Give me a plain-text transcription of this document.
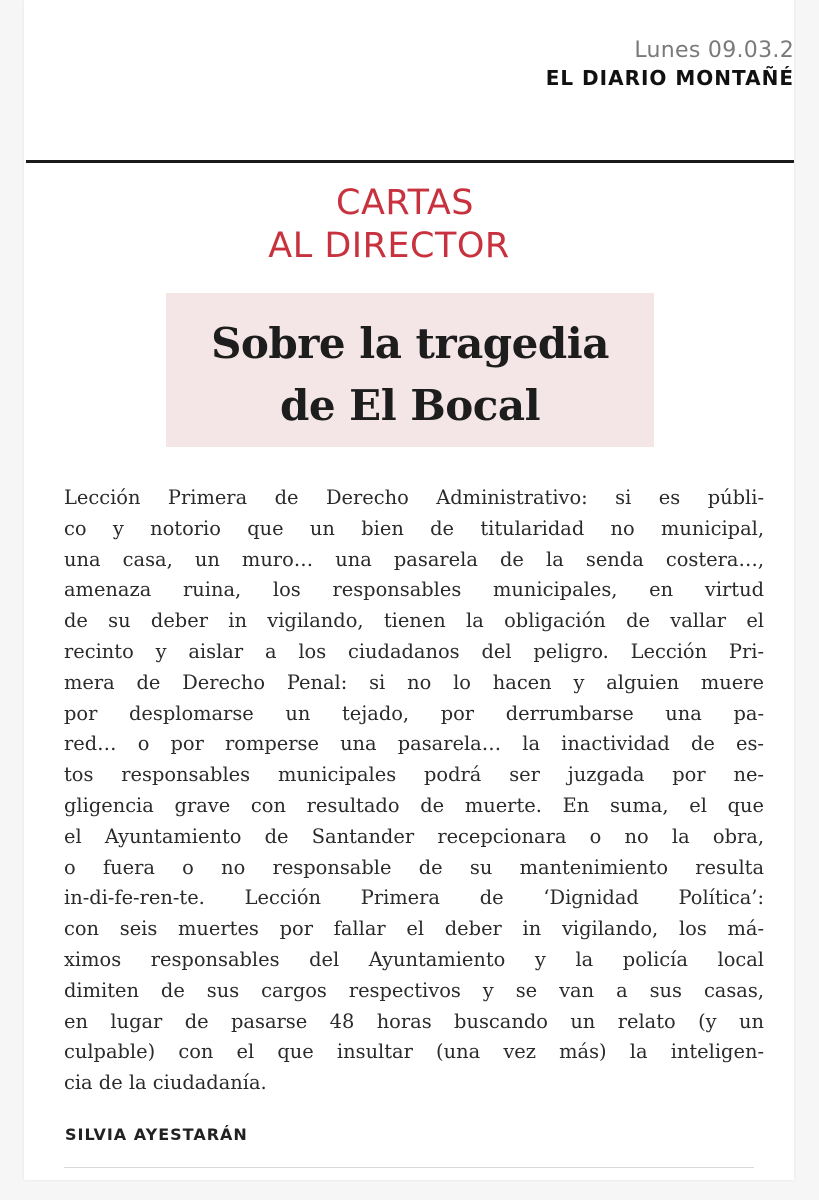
Lunes 09.03.2
EL DIARIO MONTAÑÉ
CARTAS
AL DIRECTOR
Sobre la tragedia
de El Bocal
Lección Primera de Derecho Administrativo: si es públi-
co y notorio que un bien de titularidad no municipal,
una casa, un muro… una pasarela de la senda costera…,
amenaza ruina, los responsables municipales, en virtud
de su deber in vigilando, tienen la obligación de vallar el
recinto y aislar a los ciudadanos del peligro. Lección Pri-
mera de Derecho Penal: si no lo hacen y alguien muere
por desplomarse un tejado, por derrumbarse una pa-
red… o por romperse una pasarela… la inactividad de es-
tos responsables municipales podrá ser juzgada por ne-
gligencia grave con resultado de muerte. En suma, el que
el Ayuntamiento de Santander recepcionara o no la obra,
o fuera o no responsable de su mantenimiento resulta
in-di-fe-ren-te. Lección Primera de ‘Dignidad Política’:
con seis muertes por fallar el deber in vigilando, los má-
ximos responsables del Ayuntamiento y la policía local
dimiten de sus cargos respectivos y se van a sus casas,
en lugar de pasarse 48 horas buscando un relato (y un
culpable) con el que insultar (una vez más) la inteligen-
cia de la ciudadanía.
SILVIA AYESTARÁN
